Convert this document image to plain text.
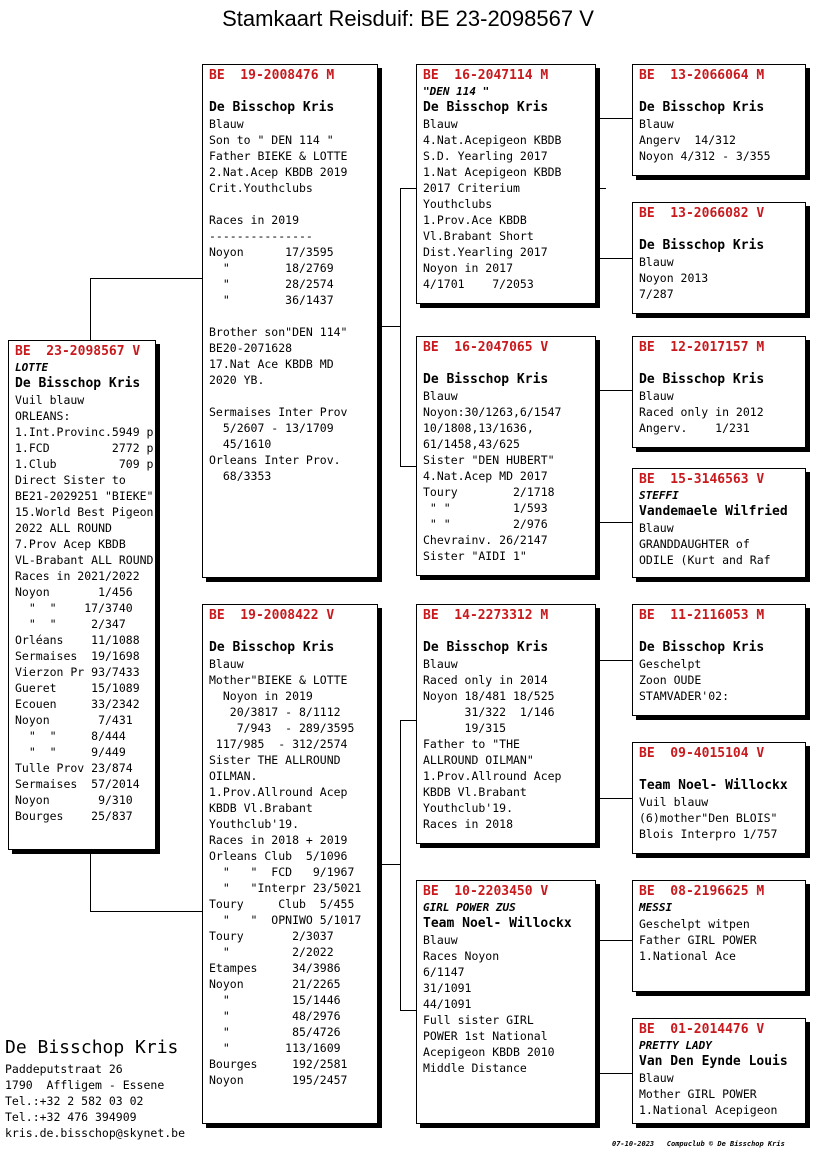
Stamkaart Reisduif: BE 23-2098567 V
BE  23-2098567 V
LOTTE
De Bisschop Kris
Vuil blauw
ORLEANS:
1.Int.Provinc.5949 p
1.FCD         2772 p
1.Club         709 p
Direct Sister to
BE21-2029251 "BIEKE"
15.World Best Pigeon
2022 ALL ROUND
7.Prov Acep KBDB
VL-Brabant ALL ROUND
Races in 2021/2022
Noyon       1/456
"  "    17/3740
"  "     2/347
Orléans    11/1088
Sermaises  19/1698
Vierzon Pr 93/7433
Gueret     15/1089
Ecouen     33/2342
Noyon       7/431
"  "     8/444
"  "     9/449
Tulle Prov 23/874
Sermaises  57/2014
Noyon       9/310
Bourges    25/837
BE  19-2008476 M
De Bisschop Kris
Blauw
Son to " DEN 114 "
Father BIEKE & LOTTE
2.Nat.Acep KBDB 2019
Crit.Youthclubs
Races in 2019
---------------
Noyon      17/3595
"        18/2769
"        28/2574
"        36/1437
Brother son"DEN 114"
BE20-2071628
17.Nat Ace KBDB MD
2020 YB.
Sermaises Inter Prov
5/2607 - 13/1709
45/1610
Orleans Inter Prov.
68/3353
BE  19-2008422 V
De Bisschop Kris
Blauw
Mother"BIEKE & LOTTE
Noyon in 2019
20/3817 - 8/1112
7/943  - 289/3595
117/985  - 312/2574
Sister THE ALLROUND
OILMAN.
1.Prov.Allround Acep
KBDB Vl.Brabant
Youthclub'19.
Races in 2018 + 2019
Orleans Club  5/1096
"   "  FCD   9/1967
"   "Interpr 23/5021
Toury     Club  5/455
"   "  OPNIWO 5/1017
Toury       2/3037
"         2/2022
Etampes     34/3986
Noyon       21/2265
"         15/1446
"         48/2976
"         85/4726
"        113/1609
Bourges     192/2581
Noyon       195/2457
BE  16-2047114 M
"DEN 114 "
De Bisschop Kris
Blauw
4.Nat.Acepigeon KBDB
S.D. Yearling 2017
1.Nat Acepigeon KBDB
2017 Criterium
Youthclubs
1.Prov.Ace KBDB
Vl.Brabant Short
Dist.Yearling 2017
Noyon in 2017
4/1701    7/2053
BE  16-2047065 V
De Bisschop Kris
Blauw
Noyon:30/1263,6/1547
10/1808,13/1636,
61/1458,43/625
Sister "DEN HUBERT"
4.Nat.Acep MD 2017
Toury        2/1718
" "         1/593
" "         2/976
Chevrainv. 26/2147
Sister "AIDI 1"
BE  14-2273312 M
De Bisschop Kris
Blauw
Raced only in 2014
Noyon 18/481 18/525
31/322  1/146
19/315
Father to "THE
ALLROUND OILMAN"
1.Prov.Allround Acep
KBDB Vl.Brabant
Youthclub'19.
Races in 2018
BE  10-2203450 V
GIRL POWER ZUS
Team Noel- Willockx
Blauw
Races Noyon
6/1147
31/1091
44/1091
Full sister GIRL
POWER 1st National
Acepigeon KBDB 2010
Middle Distance
BE  13-2066064 M
De Bisschop Kris
Blauw
Angerv  14/312
Noyon 4/312 - 3/355
BE  13-2066082 V
De Bisschop Kris
Blauw
Noyon 2013
7/287
BE  12-2017157 M
De Bisschop Kris
Blauw
Raced only in 2012
Angerv.    1/231
BE  15-3146563 V
STEFFI
Vandemaele Wilfried
Blauw
GRANDDAUGHTER of
ODILE (Kurt and Raf
BE  11-2116053 M
De Bisschop Kris
Geschelpt
Zoon OUDE
STAMVADER'02:
BE  09-4015104 V
Team Noel- Willockx
Vuil blauw
(6)mother"Den BLOIS"
Blois Interpro 1/757
BE  08-2196625 M
MESSI
Geschelpt witpen
Father GIRL POWER
1.National Ace
BE  01-2014476 V
PRETTY LADY
Van Den Eynde Louis
Blauw
Mother GIRL POWER
1.National Acepigeon
De Bisschop Kris
Paddeputstraat 26
1790  Affligem - Essene
Tel.:+32 2 582 03 02
Tel.:+32 476 394909
kris.de.bisschop@skynet.be
07-10-2023   Compuclub © De Bisschop Kris
